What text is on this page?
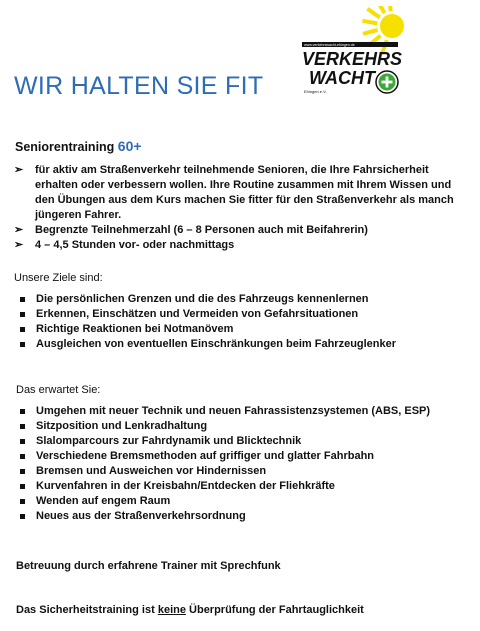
WIR HALTEN SIE FIT
www.verkehrswacht-ehingen.de
VERKEHRS
WACHT
Ehingen e.V.
Seniorentraining 60+
➢ für aktiv am Straßenverkehr teilnehmende Senioren, die Ihre Fahrsicherheit erhalten oder verbessern wollen. Ihre Routine zusammen mit Ihrem Wissen und den Übungen aus dem Kurs machen Sie fitter für den Straßenverkehr als manch jüngeren Fahrer.
➢ Begrenzte Teilnehmerzahl (6 – 8 Personen auch mit Beifahrerin)
➢ 4 – 4,5 Stunden vor- oder nachmittags
Unsere Ziele sind:
Die persönlichen Grenzen und die des Fahrzeugs kennenlernen
Erkennen, Einschätzen und Vermeiden von Gefahrsituationen
Richtige Reaktionen bei Notmanövem
Ausgleichen von eventuellen Einschränkungen beim Fahrzeuglenker
Das erwartet Sie:
Umgehen mit neuer Technik und neuen Fahrassistenzsystemen (ABS, ESP)
Sitzposition und Lenkradhaltung
Slalomparcours zur Fahrdynamik und Blicktechnik
Verschiedene Bremsmethoden auf griffiger und glatter Fahrbahn
Bremsen und Ausweichen vor Hindernissen
Kurvenfahren in der Kreisbahn/Entdecken der Fliehkräfte
Wenden auf engem Raum
Neues aus der Straßenverkehrsordnung
Betreuung durch erfahrene Trainer mit Sprechfunk
Das Sicherheitstraining ist keine Überprüfung der Fahrtauglichkeit
